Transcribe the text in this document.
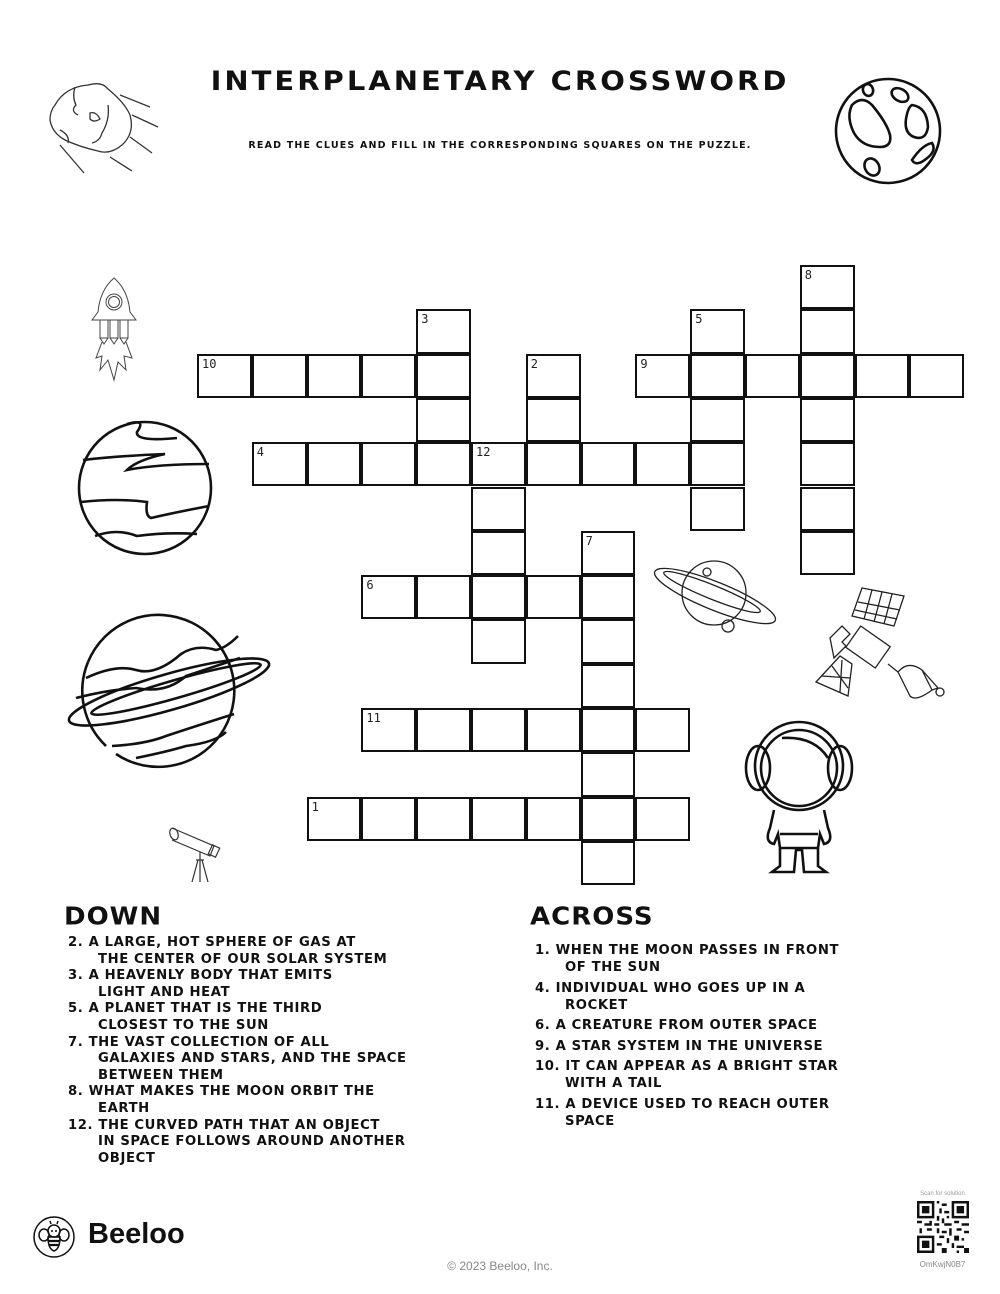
INTERPLANETARY CROSSWORD
READ THE CLUES AND FILL IN THE CORRESPONDING SQUARES ON THE PUZZLE.
8
3	5
10	2	9
4	12
7
6
11
1
DOWN
2. A LARGE, HOT SPHERE OF GAS AT
THE CENTER OF OUR SOLAR SYSTEM
3. A HEAVENLY BODY THAT EMITS
LIGHT AND HEAT
5. A PLANET THAT IS THE THIRD
CLOSEST TO THE SUN
7. THE VAST COLLECTION OF ALL
GALAXIES AND STARS, AND THE SPACE
BETWEEN THEM
8. WHAT MAKES THE MOON ORBIT THE
EARTH
12. THE CURVED PATH THAT AN OBJECT
IN SPACE FOLLOWS AROUND ANOTHER
OBJECT
ACROSS
1. WHEN THE MOON PASSES IN FRONT
OF THE SUN
4. INDIVIDUAL WHO GOES UP IN A
ROCKET
6. A CREATURE FROM OUTER SPACE
9. A STAR SYSTEM IN THE UNIVERSE
10. IT CAN APPEAR AS A BRIGHT STAR
WITH A TAIL
11. A DEVICE USED TO REACH OUTER
SPACE
Beeloo
© 2023 Beeloo, Inc.
Scan for solution
OmKwjN0B7
